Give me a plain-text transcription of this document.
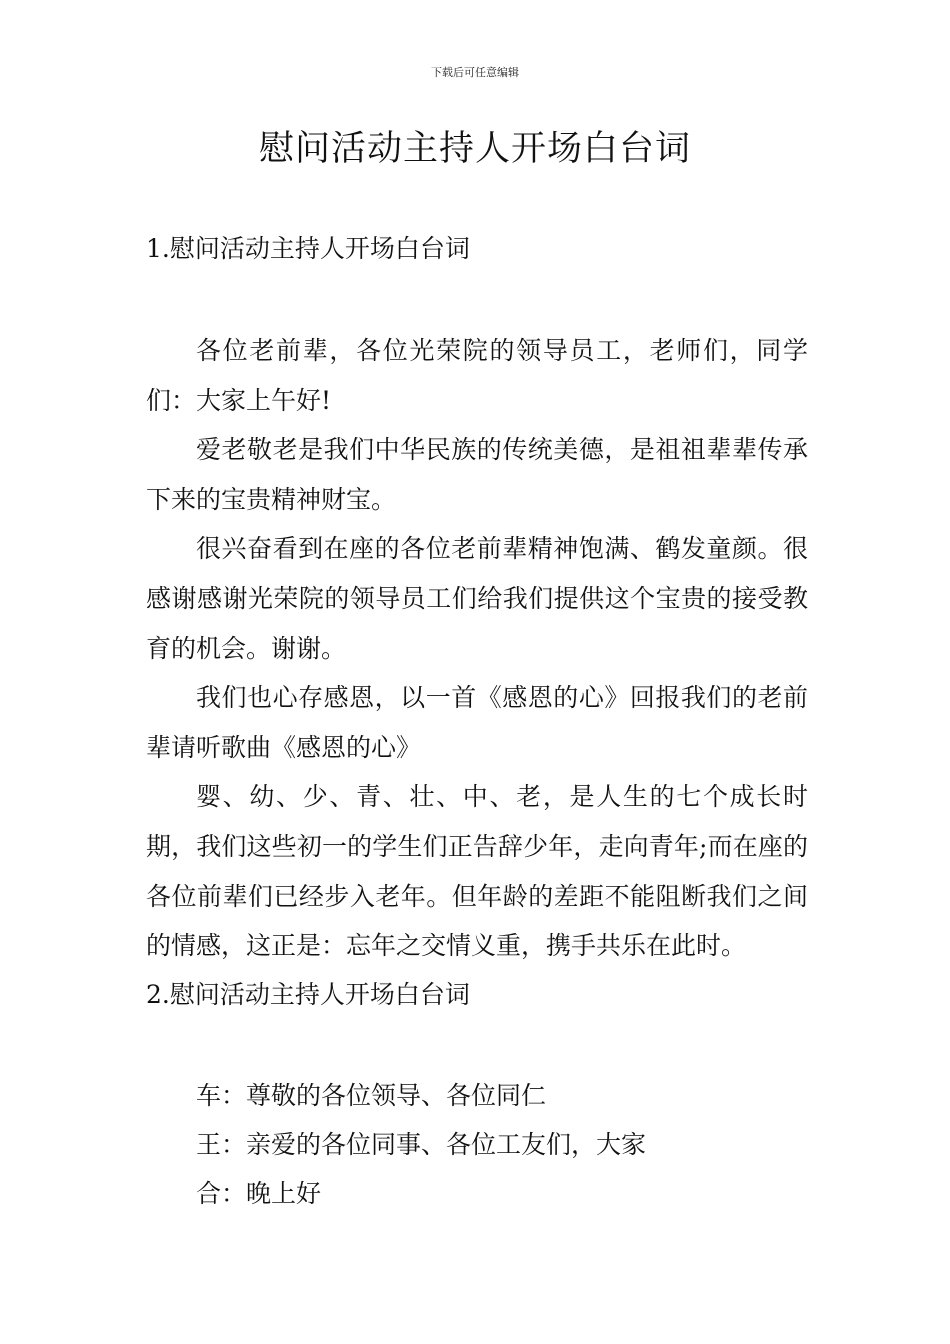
下载后可任意编辑
慰问活动主持人开场白台词
1.慰问活动主持人开场白台词

各位老前辈，各位光荣院的领导员工，老师们，同学们：大家上午好!

爱老敬老是我们中华民族的传统美德，是祖祖辈辈传承下来的宝贵精神财宝。

很兴奋看到在座的各位老前辈精神饱满、鹤发童颜。很感谢感谢光荣院的领导员工们给我们提供这个宝贵的接受教育的机会。谢谢。

我们也心存感恩，以一首《感恩的心》回报我们的老前辈请听歌曲《感恩的心》

婴、幼、少、青、壮、中、老，是人生的七个成长时期，我们这些初一的学生们正告辞少年，走向青年;而在座的各位前辈们已经步入老年。但年龄的差距不能阻断我们之间的情感，这正是：忘年之交情义重，携手共乐在此时。

2.慰问活动主持人开场白台词
车：尊敬的各位领导、各位同仁
王：亲爱的各位同事、各位工友们，大家
合：晚上好
